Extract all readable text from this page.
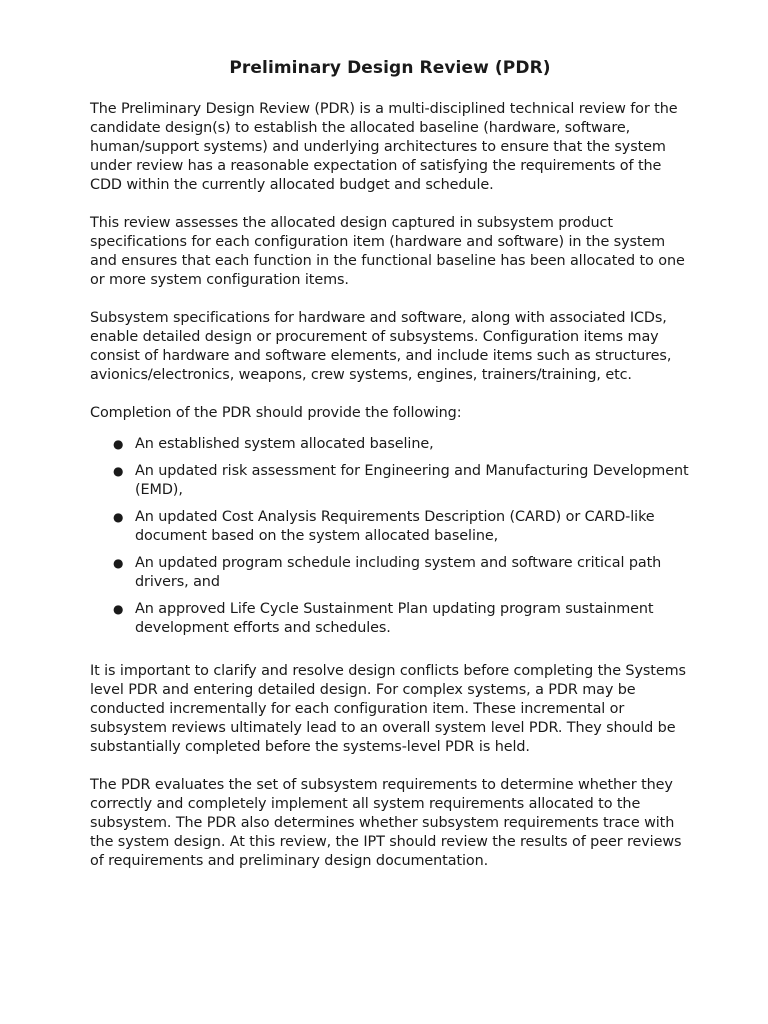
Preliminary Design Review (PDR)

The Preliminary Design Review (PDR) is a multi-disciplined technical review for the candidate design(s) to establish the allocated baseline (hardware, software, human/support systems) and underlying architectures to ensure that the system under review has a reasonable expectation of satisfying the requirements of the CDD within the currently allocated budget and schedule.

This review assesses the allocated design captured in subsystem product specifications for each configuration item (hardware and software) in the system and ensures that each function in the functional baseline has been allocated to one or more system configuration items.

Subsystem specifications for hardware and software, along with associated ICDs, enable detailed design or procurement of subsystems. Configuration items may consist of hardware and software elements, and include items such as structures, avionics/electronics, weapons, crew systems, engines, trainers/training, etc.

Completion of the PDR should provide the following:

● An established system allocated baseline,
● An updated risk assessment for Engineering and Manufacturing Development (EMD),
● An updated Cost Analysis Requirements Description (CARD) or CARD-like document based on the system allocated baseline,
● An updated program schedule including system and software critical path drivers, and
● An approved Life Cycle Sustainment Plan updating program sustainment development efforts and schedules.

It is important to clarify and resolve design conflicts before completing the Systems level PDR and entering detailed design. For complex systems, a PDR may be conducted incrementally for each configuration item. These incremental or subsystem reviews ultimately lead to an overall system level PDR. They should be substantially completed before the systems-level PDR is held.

The PDR evaluates the set of subsystem requirements to determine whether they correctly and completely implement all system requirements allocated to the subsystem. The PDR also determines whether subsystem requirements trace with the system design. At this review, the IPT should review the results of peer reviews of requirements and preliminary design documentation.
